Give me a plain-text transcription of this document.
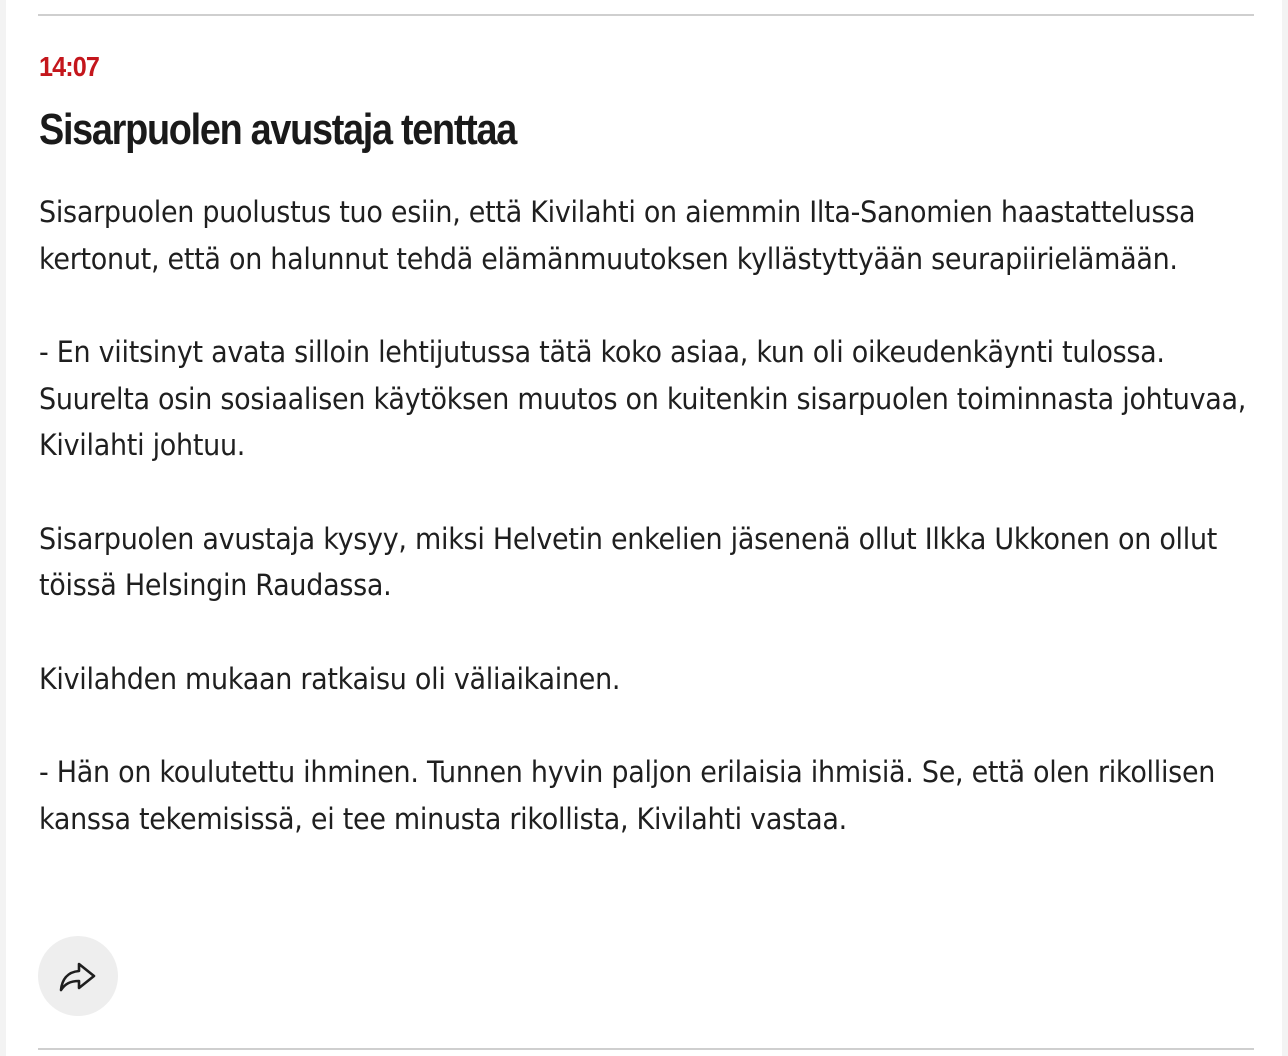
14:07
Sisarpuolen avustaja tenttaa

Sisarpuolen puolustus tuo esiin, että Kivilahti on aiemmin Ilta-Sanomien haastattelussa kertonut, että on halunnut tehdä elämänmuutoksen kyllästyttyään seurapiirielämään.

- En viitsinyt avata silloin lehtijutussa tätä koko asiaa, kun oli oikeudenkäynti tulossa. Suurelta osin sosiaalisen käytöksen muutos on kuitenkin sisarpuolen toiminnasta johtuvaa, Kivilahti johtuu.

Sisarpuolen avustaja kysyy, miksi Helvetin enkelien jäsenenä ollut Ilkka Ukkonen on ollut töissä Helsingin Raudassa.

Kivilahden mukaan ratkaisu oli väliaikainen.

- Hän on koulutettu ihminen. Tunnen hyvin paljon erilaisia ihmisiä. Se, että olen rikollisen kanssa tekemisissä, ei tee minusta rikollista, Kivilahti vastaa.
